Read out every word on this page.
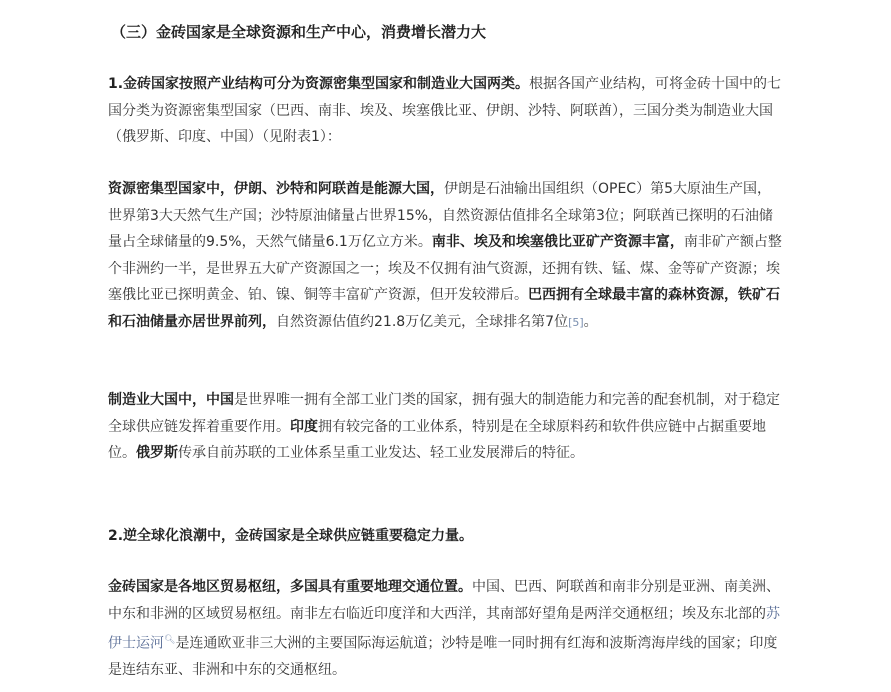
（三）金砖国家是全球资源和生产中心，消费增长潜力大

1.金砖国家按照产业结构可分为资源密集型国家和制造业大国两类。根据各国产业结构，可将金砖十国中的七国分类为资源密集型国家（巴西、南非、埃及、埃塞俄比亚、伊朗、沙特、阿联酋），三国分类为制造业大国（俄罗斯、印度、中国）（见附表1）：

资源密集型国家中，伊朗、沙特和阿联酋是能源大国，伊朗是石油输出国组织（OPEC）第5大原油生产国，世界第3大天然气生产国；沙特原油储量占世界15%，自然资源估值排名全球第3位；阿联酋已探明的石油储量占全球储量的9.5%，天然气储量6.1万亿立方米。南非、埃及和埃塞俄比亚矿产资源丰富，南非矿产额占整个非洲约一半，是世界五大矿产资源国之一；埃及不仅拥有油气资源，还拥有铁、锰、煤、金等矿产资源；埃塞俄比亚已探明黄金、铂、镍、铜等丰富矿产资源，但开发较滞后。巴西拥有全球最丰富的森林资源，铁矿石和石油储量亦居世界前列，自然资源估值约21.8万亿美元，全球排名第7位[5]。

制造业大国中，中国是世界唯一拥有全部工业门类的国家，拥有强大的制造能力和完善的配套机制，对于稳定全球供应链发挥着重要作用。印度拥有较完备的工业体系，特别是在全球原料药和软件供应链中占据重要地位。俄罗斯传承自前苏联的工业体系呈重工业发达、轻工业发展滞后的特征。

2.逆全球化浪潮中，金砖国家是全球供应链重要稳定力量。

金砖国家是各地区贸易枢纽，多国具有重要地理交通位置。中国、巴西、阿联酋和南非分别是亚洲、南美洲、中东和非洲的区域贸易枢纽。南非左右临近印度洋和大西洋，其南部好望角是两洋交通枢纽；埃及东北部的苏伊士运河🔍︎是连通欧亚非三大洲的主要国际海运航道；沙特是唯一同时拥有红海和波斯湾海岸线的国家；印度是连结东亚、非洲和中东的交通枢纽。
